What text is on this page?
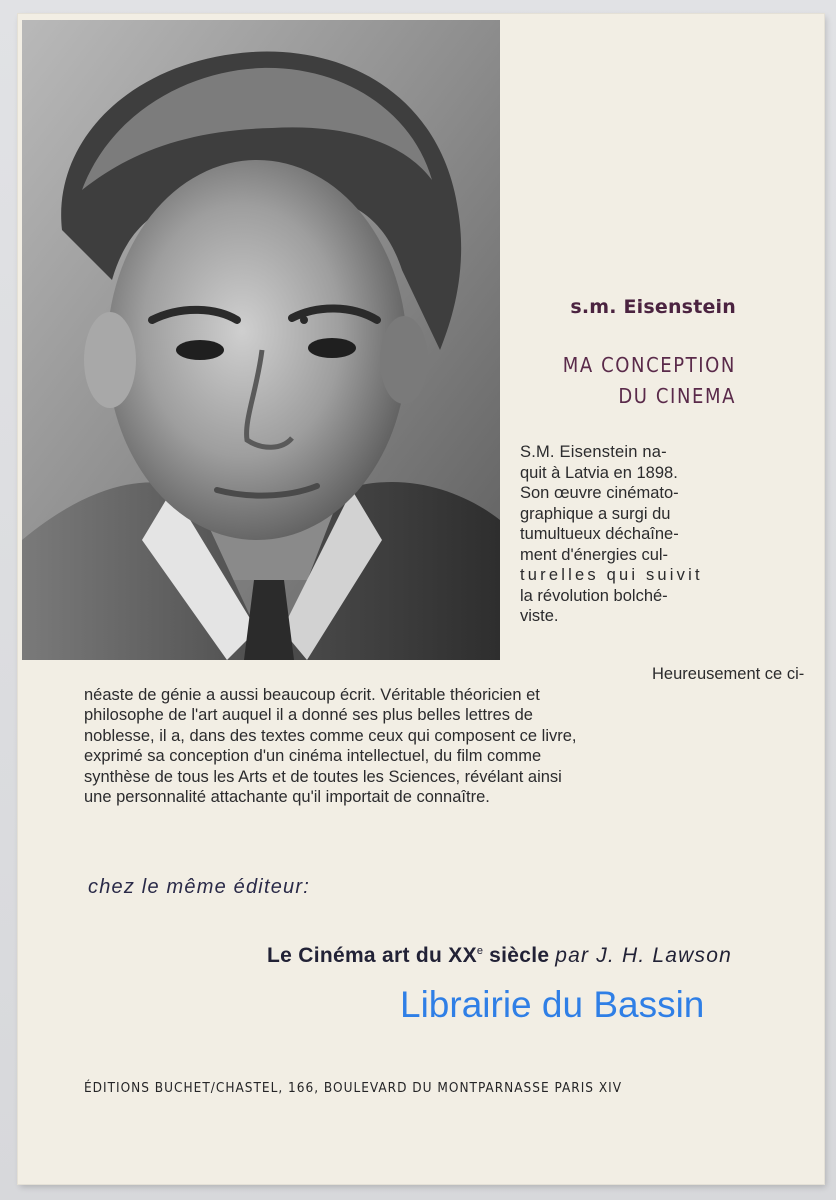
s.m. Eisenstein
MA CONCEPTION
DU CINEMA
S.M. Eisenstein na-
quit à Latvia en 1898.
Son œuvre cinémato-
graphique a surgi du
tumultueux déchaîne-
ment d'énergies cul-
turelles qui suivit
la révolution bolché-
viste.
Heureusement ce ci-
néaste de génie a aussi beaucoup écrit. Véritable théoricien et
philosophe de l'art auquel il a donné ses plus belles lettres de
noblesse, il a, dans des textes comme ceux qui composent ce livre,
exprimé sa conception d'un cinéma intellectuel, du film comme
synthèse de tous les Arts et de toutes les Sciences, révélant ainsi
une personnalité attachante qu'il importait de connaître.
chez le même éditeur:
Le Cinéma art du XXe siècle par J. H. Lawson
ÉDITIONS BUCHET/CHASTEL, 166, BOULEVARD DU MONTPARNASSE PARIS XIV
Librairie du Bassin
